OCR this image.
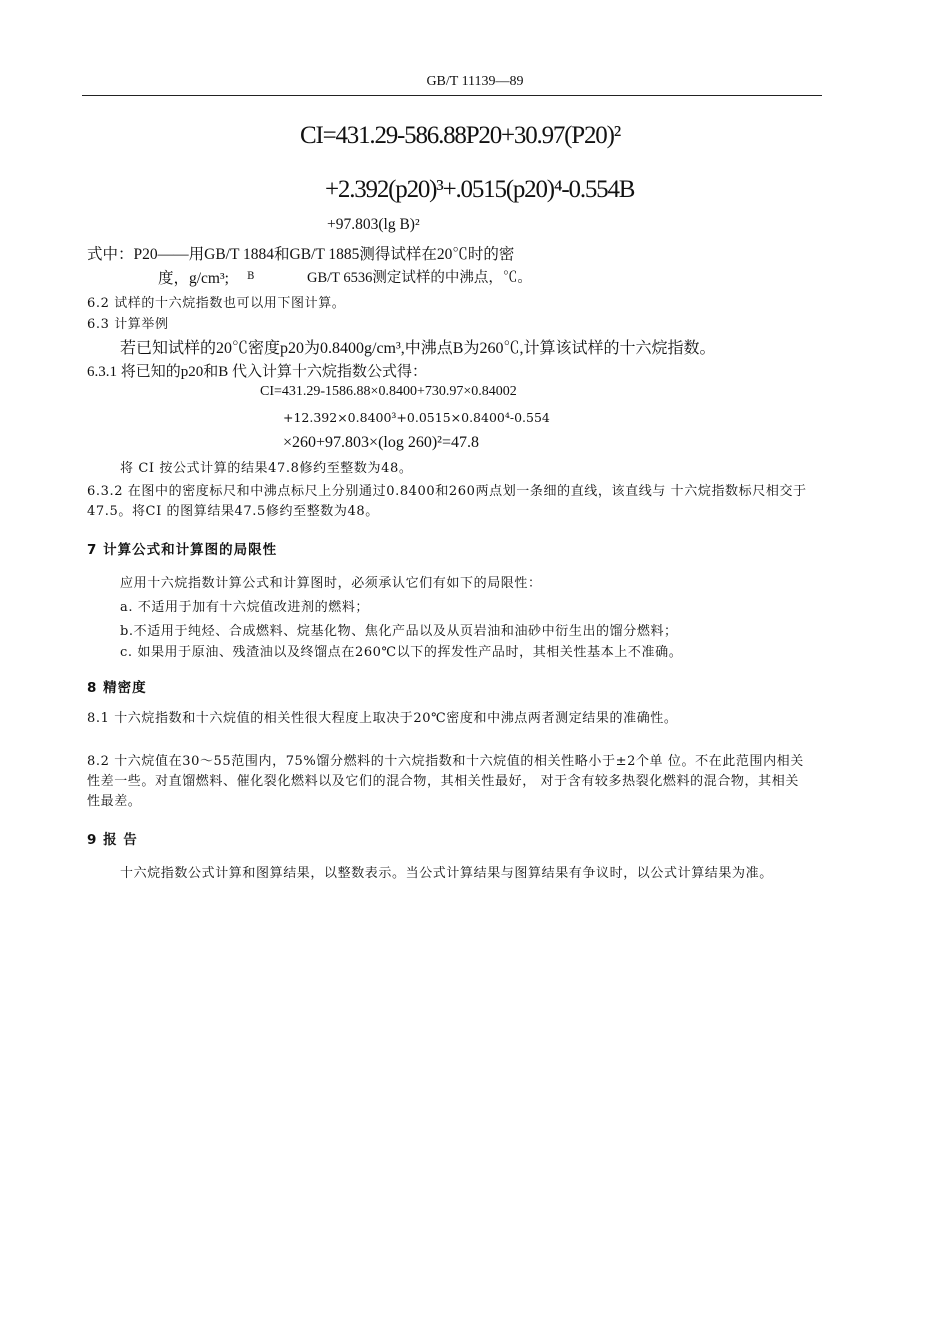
GB/T 11139—89
CI=431.29-586.88P20+30.97(P20)²
+2.392(p20)³+.0515(p20)⁴-0.554B
+97.803(lg B)²
式中：P20——用GB/T 1884和GB/T 1885测得试样在20℃时的密
度，g/cm³; B	GB/T 6536测定试样的中沸点，℃。
6.2 试样的十六烷指数也可以用下图计算。
6.3 计算举例
若已知试样的20℃密度p20为0.8400g/cm³,中沸点B为260℃,计算该试样的十六烷指数。
6.3.1 将已知的p20和B 代入计算十六烷指数公式得：
CI=431.29-1586.88×0.8400+730.97×0.84002
+12.392×0.8400³+0.0515×0.8400⁴-0.554
×260+97.803×(log 260)²=47.8
将 CI 按公式计算的结果47.8修约至整数为48。
6.3.2 在图中的密度标尺和中沸点标尺上分别通过0.8400和260两点划一条细的直线，该直线与 十六烷指数标尺相交于47.5。将CI 的图算结果47.5修约至整数为48。
7 计算公式和计算图的局限性
应用十六烷指数计算公式和计算图时，必须承认它们有如下的局限性：
a. 不适用于加有十六烷值改进剂的燃料；
b.不适用于纯烃、合成燃料、烷基化物、焦化产品以及从页岩油和油砂中衍生出的馏分燃料；
c. 如果用于原油、残渣油以及终馏点在260℃以下的挥发性产品时，其相关性基本上不准确。
8 精密度
8.1 十六烷指数和十六烷值的相关性很大程度上取决于20℃密度和中沸点两者测定结果的准确性。
8.2 十六烷值在30～55范围内，75%馏分燃料的十六烷指数和十六烷值的相关性略小于±2个单 位。不在此范围内相关性差一些。对直馏燃料、催化裂化燃料以及它们的混合物，其相关性最好， 对于含有较多热裂化燃料的混合物，其相关性最差。
9 报 告
十六烷指数公式计算和图算结果，以整数表示。当公式计算结果与图算结果有争议时，以公式计算结果为准。
